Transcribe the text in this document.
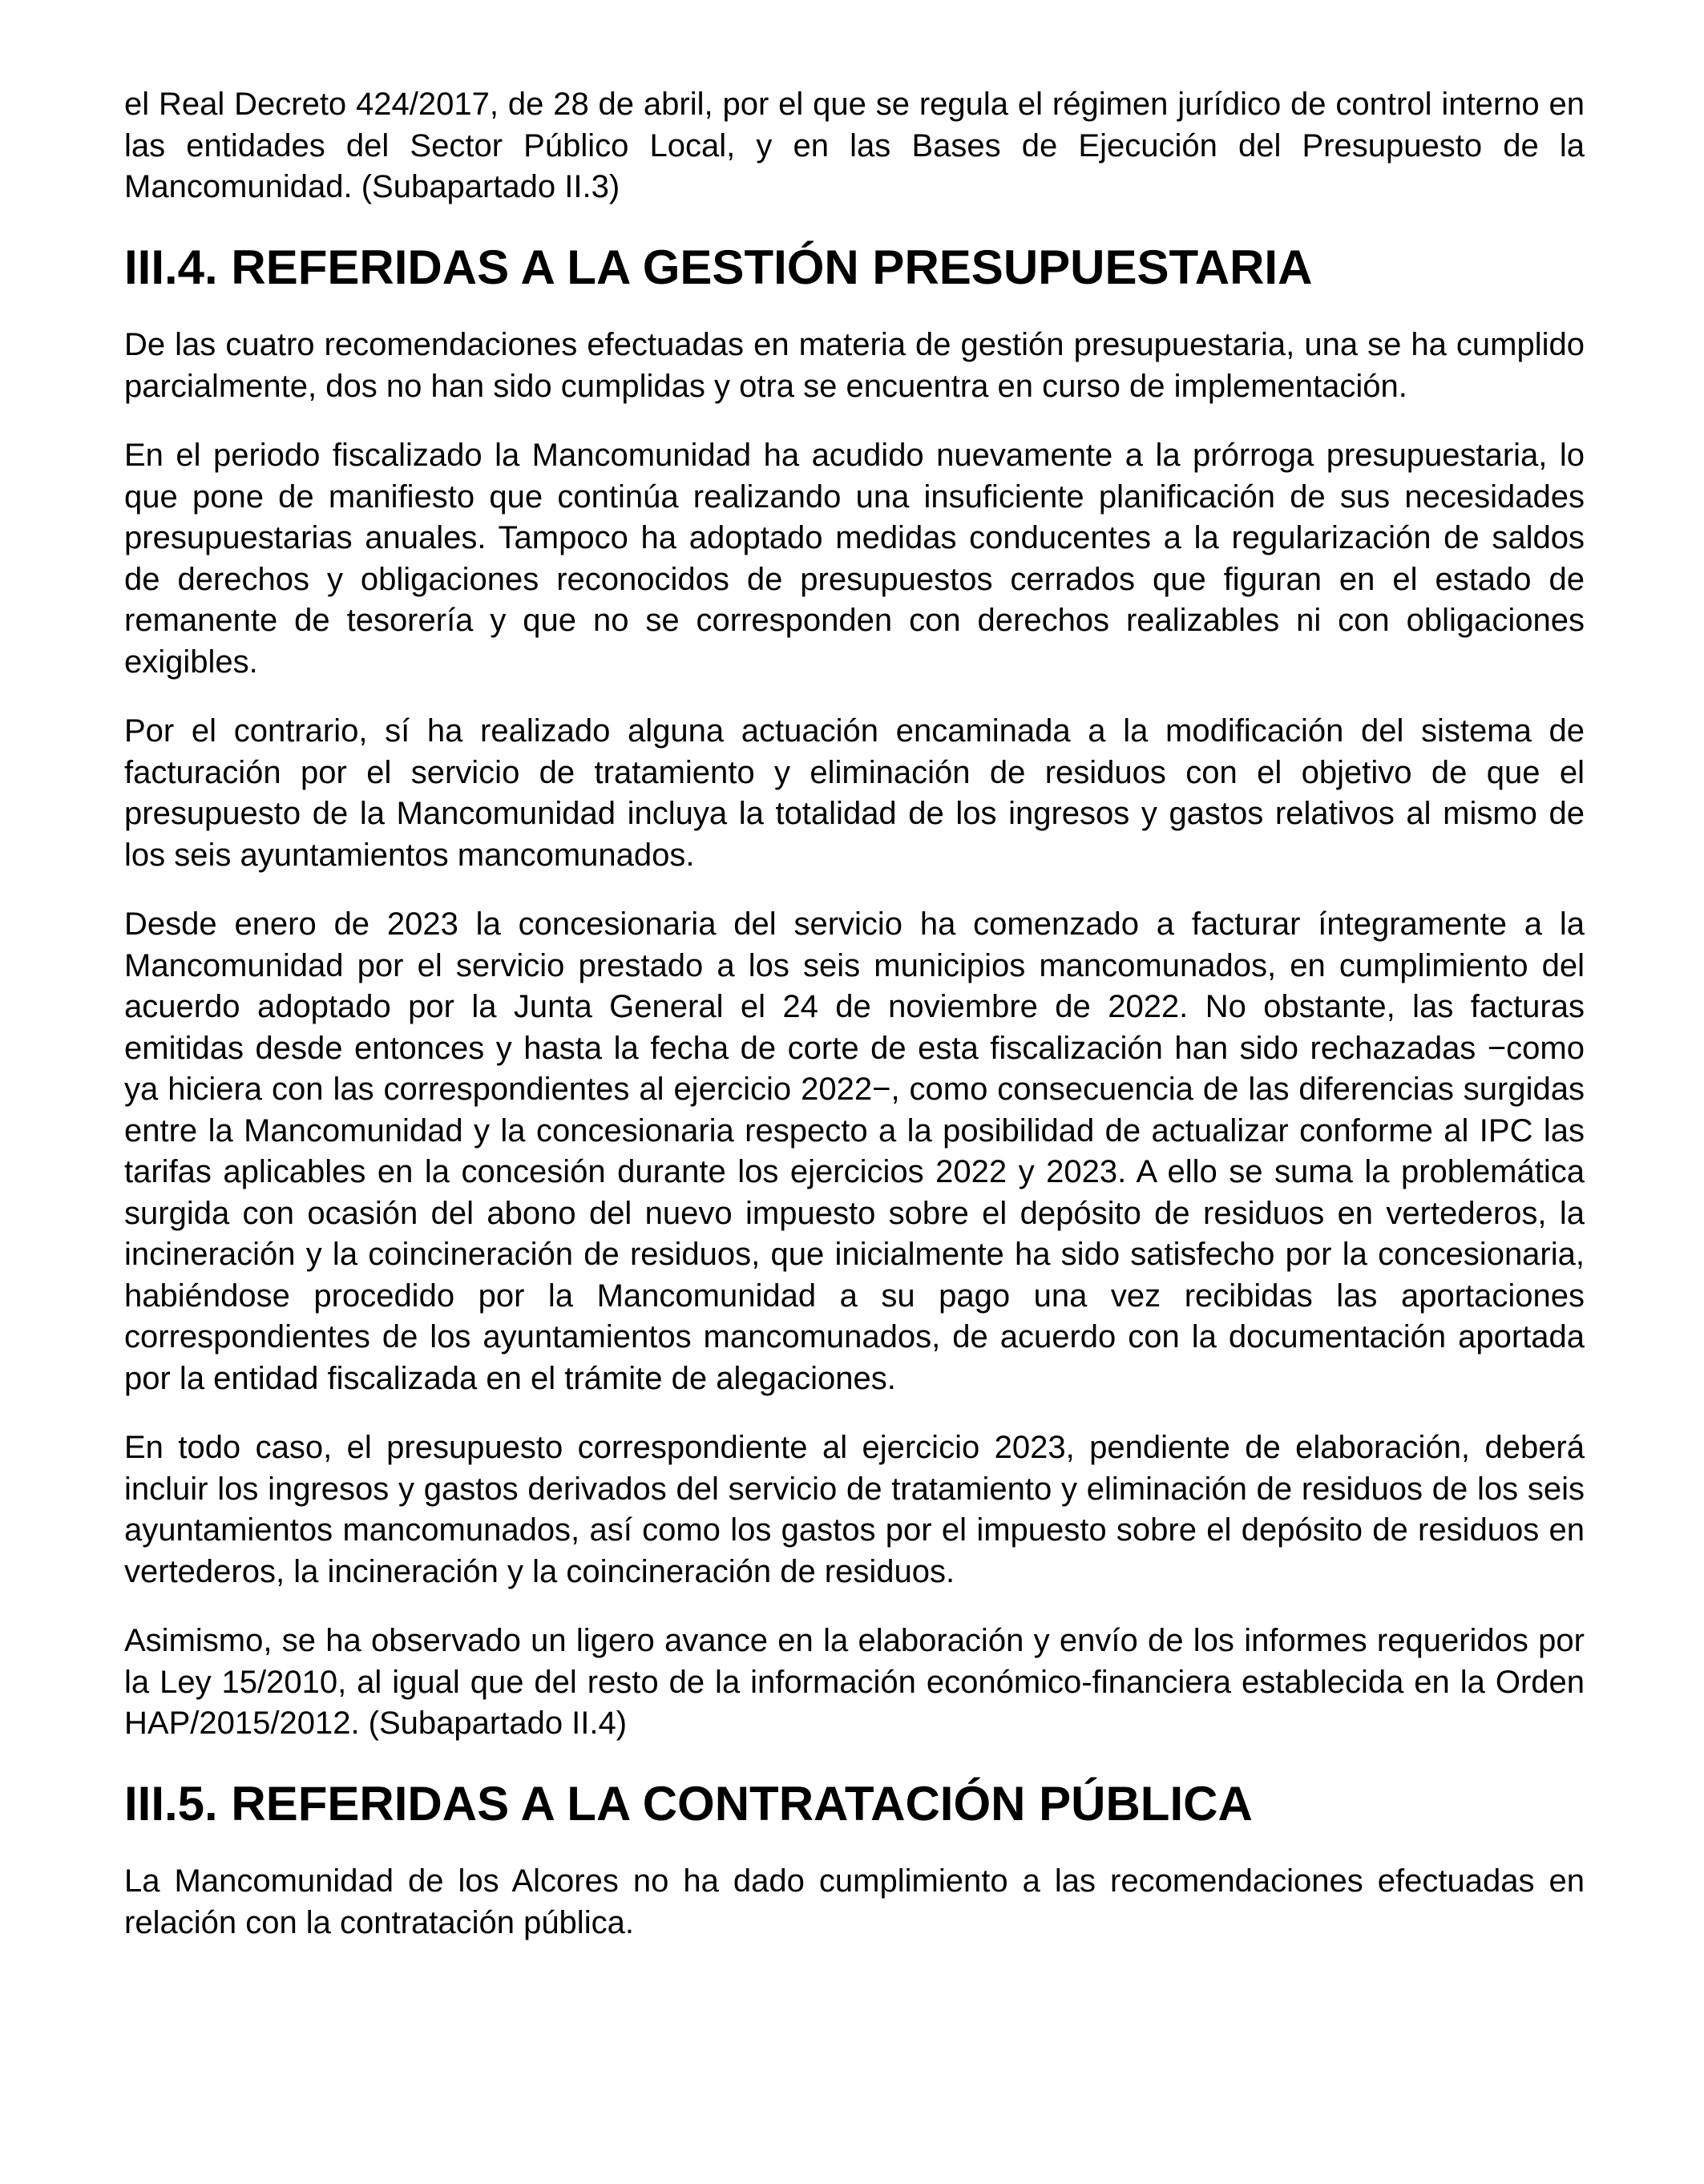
el Real Decreto 424/2017, de 28 de abril, por el que se regula el régimen jurídico de control interno en las entidades del Sector Público Local, y en las Bases de Ejecución del Presupuesto de la Mancomunidad. (Subapartado II.3)

III.4. REFERIDAS A LA GESTIÓN PRESUPUESTARIA

De las cuatro recomendaciones efectuadas en materia de gestión presupuestaria, una se ha cumplido parcialmente, dos no han sido cumplidas y otra se encuentra en curso de implementación.

En el periodo fiscalizado la Mancomunidad ha acudido nuevamente a la prórroga presupuestaria, lo que pone de manifiesto que continúa realizando una insuficiente planificación de sus necesidades presupuestarias anuales. Tampoco ha adoptado medidas conducentes a la regularización de saldos de derechos y obligaciones reconocidos de presupuestos cerrados que figuran en el estado de remanente de tesorería y que no se corresponden con derechos realizables ni con obligaciones exigibles.

Por el contrario, sí ha realizado alguna actuación encaminada a la modificación del sistema de facturación por el servicio de tratamiento y eliminación de residuos con el objetivo de que el presupuesto de la Mancomunidad incluya la totalidad de los ingresos y gastos relativos al mismo de los seis ayuntamientos mancomunados.

Desde enero de 2023 la concesionaria del servicio ha comenzado a facturar íntegramente a la Mancomunidad por el servicio prestado a los seis municipios mancomunados, en cumplimiento del acuerdo adoptado por la Junta General el 24 de noviembre de 2022. No obstante, las facturas emitidas desde entonces y hasta la fecha de corte de esta fiscalización han sido rechazadas −como ya hiciera con las correspondientes al ejercicio 2022−, como consecuencia de las diferencias surgidas entre la Mancomunidad y la concesionaria respecto a la posibilidad de actualizar conforme al IPC las tarifas aplicables en la concesión durante los ejercicios 2022 y 2023. A ello se suma la problemática surgida con ocasión del abono del nuevo impuesto sobre el depósito de residuos en vertederos, la incineración y la coincineración de residuos, que inicialmente ha sido satisfecho por la concesionaria, habiéndose procedido por la Mancomunidad a su pago una vez recibidas las aportaciones correspondientes de los ayuntamientos mancomunados, de acuerdo con la documentación aportada por la entidad fiscalizada en el trámite de alegaciones.

En todo caso, el presupuesto correspondiente al ejercicio 2023, pendiente de elaboración, deberá incluir los ingresos y gastos derivados del servicio de tratamiento y eliminación de residuos de los seis ayuntamientos mancomunados, así como los gastos por el impuesto sobre el depósito de residuos en vertederos, la incineración y la coincineración de residuos.

Asimismo, se ha observado un ligero avance en la elaboración y envío de los informes requeridos por la Ley 15/2010, al igual que del resto de la información económico-financiera establecida en la Orden HAP/2015/2012. (Subapartado II.4)

III.5. REFERIDAS A LA CONTRATACIÓN PÚBLICA

La Mancomunidad de los Alcores no ha dado cumplimiento a las recomendaciones efectuadas en relación con la contratación pública.
